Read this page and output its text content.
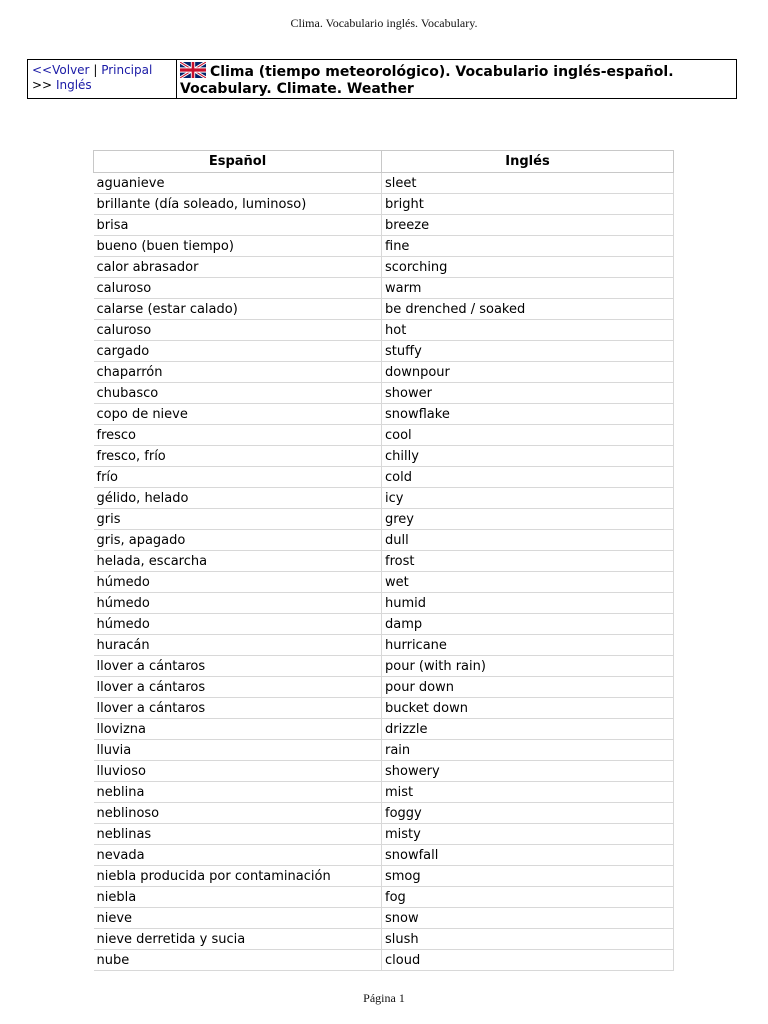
Clima. Vocabulario inglés. Vocabulary.
<<Volver | Principal
>> Inglés
Clima (tiempo meteorológico). Vocabulario inglés-español. Vocabulary. Climate. Weather
Español	Inglés
aguanieve	sleet
brillante (día soleado, luminoso)	bright
brisa	breeze
bueno (buen tiempo)	fine
calor abrasador	scorching
caluroso	warm
calarse (estar calado)	be drenched / soaked
caluroso	hot
cargado	stuffy
chaparrón	downpour
chubasco	shower
copo de nieve	snowflake
fresco	cool
fresco, frío	chilly
frío	cold
gélido, helado	icy
gris	grey
gris, apagado	dull
helada, escarcha	frost
húmedo	wet
húmedo	humid
húmedo	damp
huracán	hurricane
llover a cántaros	pour (with rain)
llover a cántaros	pour down
llover a cántaros	bucket down
llovizna	drizzle
lluvia	rain
lluvioso	showery
neblina	mist
neblinoso	foggy
neblinas	misty
nevada	snowfall
niebla producida por contaminación	smog
niebla	fog
nieve	snow
nieve derretida y sucia	slush
nube	cloud
Página 1
